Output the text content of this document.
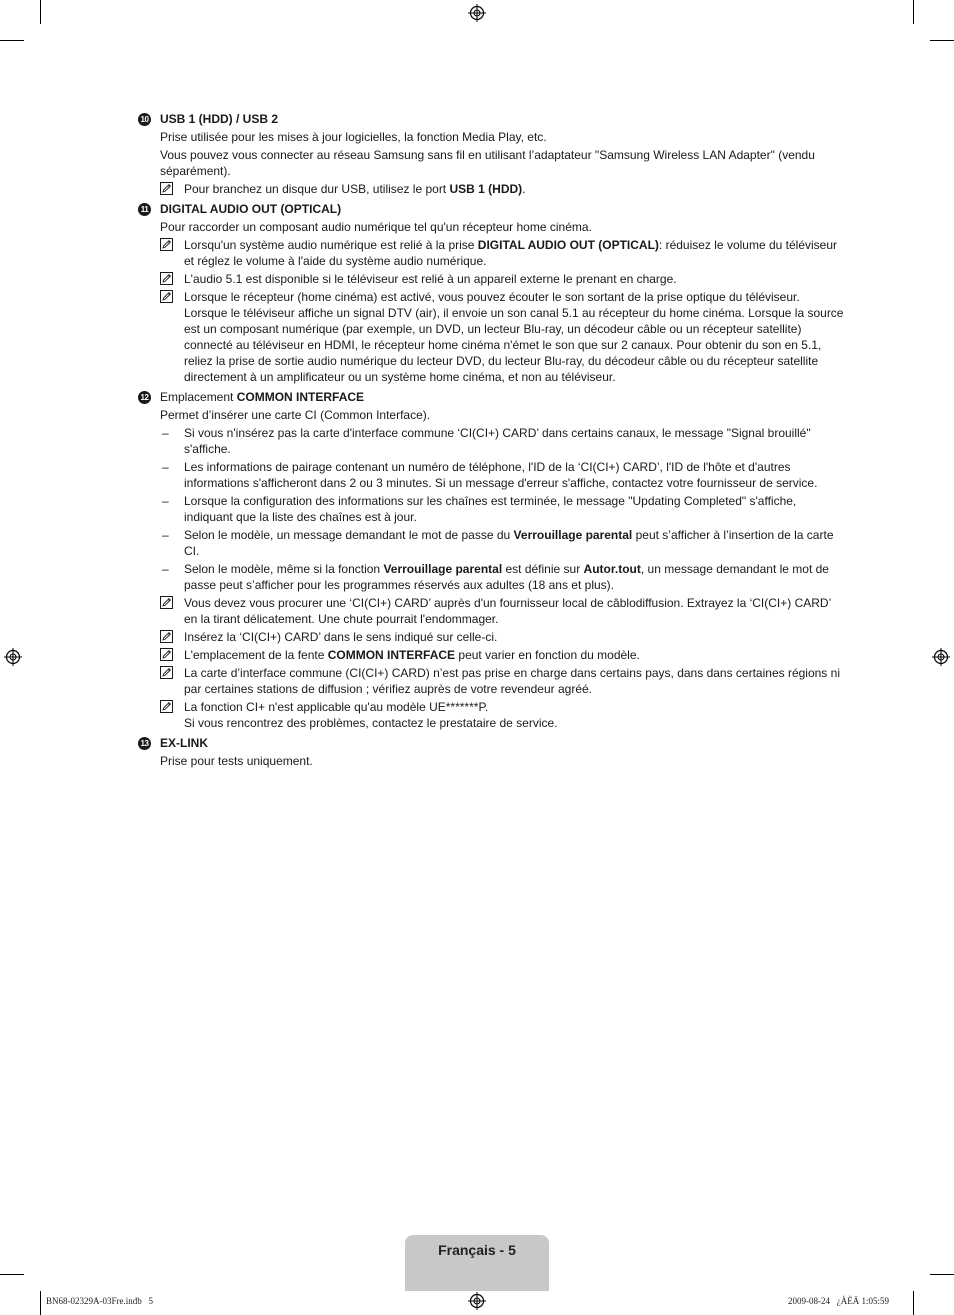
10 USB 1 (HDD) / USB 2
Prise utilisée pour les mises à jour logicielles, la fonction Media Play, etc.
Vous pouvez vous connecter au réseau Samsung sans fil en utilisant l’adaptateur "Samsung Wireless LAN Adapter" (vendu séparément).
Pour branchez un disque dur USB, utilisez le port USB 1 (HDD).
11 DIGITAL AUDIO OUT (OPTICAL)
Pour raccorder un composant audio numérique tel qu'un récepteur home cinéma.
Lorsqu'un système audio numérique est relié à la prise DIGITAL AUDIO OUT (OPTICAL): réduisez le volume du téléviseur et réglez le volume à l'aide du système audio numérique.
L'audio 5.1 est disponible si le téléviseur est relié à un appareil externe le prenant en charge.
Lorsque le récepteur (home cinéma) est activé, vous pouvez écouter le son sortant de la prise optique du téléviseur. Lorsque le téléviseur affiche un signal DTV (air), il envoie un son canal 5.1 au récepteur du home cinéma. Lorsque la source est un composant numérique (par exemple, un DVD, un lecteur Blu-ray, un décodeur câble ou un récepteur satellite) connecté au téléviseur en HDMI, le récepteur home cinéma n'émet le son que sur 2 canaux. Pour obtenir du son en 5.1, reliez la prise de sortie audio numérique du lecteur DVD, du lecteur Blu-ray, du décodeur câble ou du récepteur satellite directement à un amplificateur ou un système home cinéma, et non au téléviseur.
12 Emplacement COMMON INTERFACE
Permet d’insérer une carte CI (Common Interface).
–	Si vous n'insérez pas la carte d'interface commune ‘CI(CI+) CARD’ dans certains canaux, le message "Signal brouillé" s'affiche.
–	Les informations de pairage contenant un numéro de téléphone, l'ID de la ‘CI(CI+) CARD’, l'ID de l'hôte et d'autres informations s'afficheront dans 2 ou 3 minutes. Si un message d'erreur s'affiche, contactez votre fournisseur de service.
–	Lorsque la configuration des informations sur les chaînes est terminée, le message "Updating Completed" s'affiche, indiquant que la liste des chaînes est à jour.
–	Selon le modèle, un message demandant le mot de passe du Verrouillage parental peut s’afficher à l’insertion de la carte CI.
–	Selon le modèle, même si la fonction Verrouillage parental est définie sur Autor.tout, un message demandant le mot de passe peut s’afficher pour les programmes réservés aux adultes (18 ans et plus).
Vous devez vous procurer une ‘CI(CI+) CARD’ auprès d'un fournisseur local de câblodiffusion. Extrayez la ‘CI(CI+) CARD’ en la tirant délicatement. Une chute pourrait l'endommager.
Insérez la ‘CI(CI+) CARD’ dans le sens indiqué sur celle-ci.
L'emplacement de la fente COMMON INTERFACE peut varier en fonction du modèle.
La carte d’interface commune (CI(CI+) CARD) n’est pas prise en charge dans certains pays, dans dans certaines régions ni par certaines stations de diffusion ; vérifiez auprès de votre revendeur agréé.
La fonction CI+ n'est applicable qu'au modèle UE*******P.
Si vous rencontrez des problèmes, contactez le prestataire de service.
13 EX-LINK
Prise pour tests uniquement.
Français - 5
BN68-02329A-03Fre.indb   5	2009-08-24   ¿ÀÈÄ 1:05:59
